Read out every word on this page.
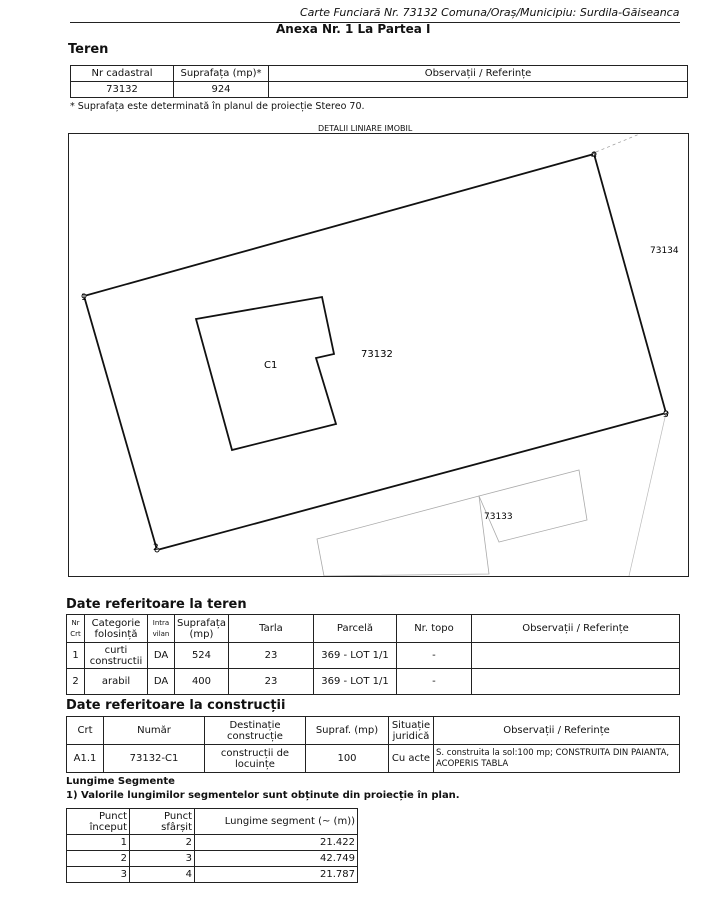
Carte Funciară Nr. 73132 Comuna/Oraș/Municipiu: Surdila-Găiseanca
Anexa Nr. 1 La Partea I
Teren
Nr cadastral	Suprafața (mp)*	Observații / Referințe
73132	924	
* Suprafața este determinată în planul de proiecție Stereo 70.
1
2
3
4
73132
73134
73133
C1
DETALII LINIARE IMOBIL
Date referitoare la teren
Nr Crt	Categorie folosință	Intra vilan	Suprafața (mp)	Tarla	Parcelă	Nr. topo	Observații / Referințe
1	curti constructii	DA	524	23	369 - LOT 1/1	-	
2	arabil	DA	400	23	369 - LOT 1/1	-	
Date referitoare la construcții
Crt	Număr	Destinație construcție	Supraf. (mp)	Situație juridică	Observații / Referințe
A1.1	73132-C1	construcții de locuințe	100	Cu acte	S. construita la sol:100 mp; CONSTRUITA DIN PAIANTA, ACOPERIS TABLA
Lungime Segmente
1) Valorile lungimilor segmentelor sunt obținute din proiecție în plan.
Punct început	Punct sfârșit	Lungime segment (~ (m))
1	2	21.422
2	3	42.749
3	4	21.787
